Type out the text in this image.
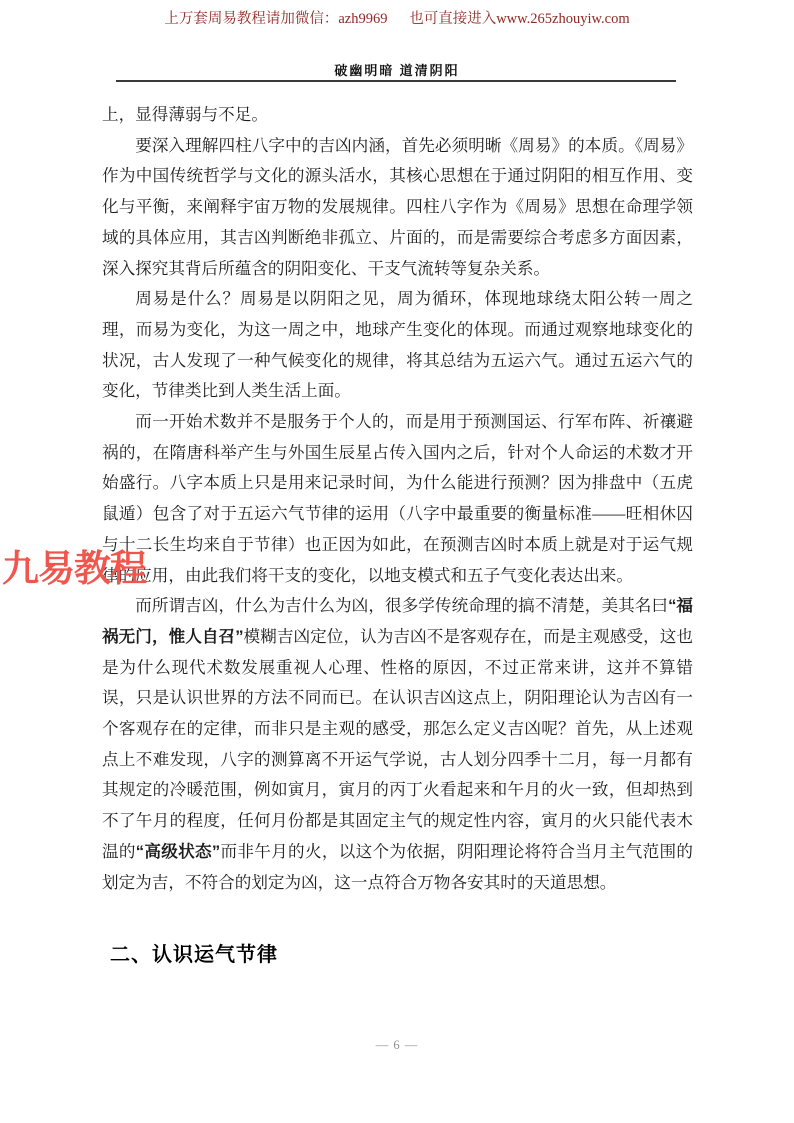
上万套周易教程请加微信：azh9969　  也可直接进入www.265zhouyiw.com
破幽明暗 道清阴阳
九易教程

上，显得薄弱与不足。

要深入理解四柱八字中的吉凶内涵，首先必须明晰《周易》的本质。《周易》作为中国传统哲学与文化的源头活水，其核心思想在于通过阴阳的相互作用、变化与平衡，来阐释宇宙万物的发展规律。四柱八字作为《周易》思想在命理学领域的具体应用，其吉凶判断绝非孤立、片面的，而是需要综合考虑多方面因素，深入探究其背后所蕴含的阴阳变化、干支气流转等复杂关系。

周易是什么？周易是以阴阳之见，周为循环，体现地球绕太阳公转一周之理，而易为变化，为这一周之中，地球产生变化的体现。而通过观察地球变化的状况，古人发现了一种气候变化的规律，将其总结为五运六气。通过五运六气的变化，节律类比到人类生活上面。

而一开始术数并不是服务于个人的，而是用于预测国运、行军布阵、祈禳避祸的，在隋唐科举产生与外国生辰星占传入国内之后，针对个人命运的术数才开始盛行。八字本质上只是用来记录时间，为什么能进行预测？因为排盘中（五虎鼠遁）包含了对于五运六气节律的运用（八字中最重要的衡量标准——旺相休囚与十二长生均来自于节律）也正因为如此，在预测吉凶时本质上就是对于运气规律的应用，由此我们将干支的变化，以地支模式和五子气变化表达出来。

而所谓吉凶，什么为吉什么为凶，很多学传统命理的搞不清楚，美其名曰“福祸无门，惟人自召”模糊吉凶定位，认为吉凶不是客观存在，而是主观感受，这也是为什么现代术数发展重视人心理、性格的原因，不过正常来讲，这并不算错误，只是认识世界的方法不同而已。在认识吉凶这点上，阴阳理论认为吉凶有一个客观存在的定律，而非只是主观的感受，那怎么定义吉凶呢？首先，从上述观点上不难发现，八字的测算离不开运气学说，古人划分四季十二月，每一月都有其规定的冷暖范围，例如寅月，寅月的丙丁火看起来和午月的火一致，但却热到不了午月的程度，任何月份都是其固定主气的规定性内容，寅月的火只能代表木温的“高级状态”而非午月的火，以这个为依据，阴阳理论将符合当月主气范围的划定为吉，不符合的划定为凶，这一点符合万物各安其时的天道思想。

二、认识运气节律
— 6 —
